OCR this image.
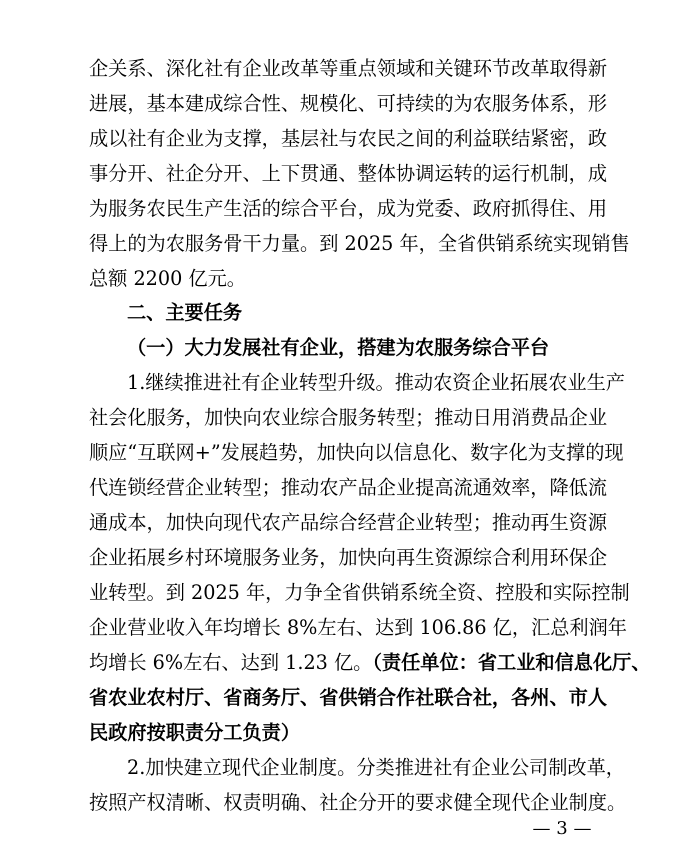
企关系、深化社有企业改革等重点领域和关键环节改革取得新
进展，基本建成综合性、规模化、可持续的为农服务体系，形
成以社有企业为支撑，基层社与农民之间的利益联结紧密，政
事分开、社企分开、上下贯通、整体协调运转的运行机制，成
为服务农民生产生活的综合平台，成为党委、政府抓得住、用
得上的为农服务骨干力量。到 2025 年，全省供销系统实现销售
总额 2200 亿元。
二、主要任务
（一）大力发展社有企业，搭建为农服务综合平台
1.继续推进社有企业转型升级。推动农资企业拓展农业生产
社会化服务，加快向农业综合服务转型；推动日用消费品企业
顺应“互联网+”发展趋势，加快向以信息化、数字化为支撑的现
代连锁经营企业转型；推动农产品企业提高流通效率，降低流
通成本，加快向现代农产品综合经营企业转型；推动再生资源
企业拓展乡村环境服务业务，加快向再生资源综合利用环保企
业转型。到 2025 年，力争全省供销系统全资、控股和实际控制
企业营业收入年均增长 8%左右、达到 106.86 亿，汇总利润年
均增长 6%左右、达到 1.23 亿。（责任单位：省工业和信息化厅、
省农业农村厅、省商务厅、省供销合作社联合社，各州、市人
民政府按职责分工负责）
2.加快建立现代企业制度。分类推进社有企业公司制改革，
按照产权清晰、权责明确、社企分开的要求健全现代企业制度。
— 3 —
